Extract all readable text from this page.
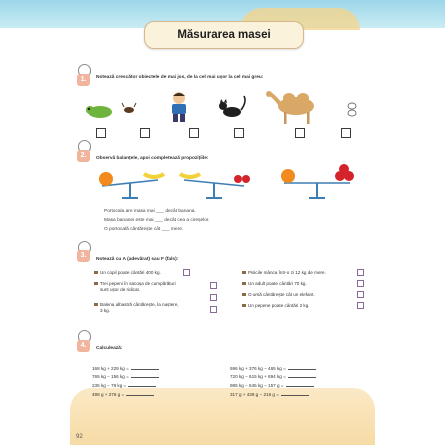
Măsurarea masei
1.	Notează crescător obiectele de mai jos, de la cel mai ușor la cel mai greu:
2.	Observă balanțele, apoi completează propozițiile:
Portocala are masa mai ___ decât banana.
Masa bananei este mai ___ decât cea a cireșelor.
O portocală cântărește cât ___ mere.
3.
Notează cu A (adevărat) sau F (fals):
Un copil poate cântări 400 kg.
Trei pepeni în sacoșa de cumpărături sunt ușor de ridicat.
Balena albastră cântărește, la naștere, 3 kg.
Pisicile mânca într-o zi 12 kg de mere.
Un adult poate cântări 70 kg.
O ursă cântărește cât un elefant.
Un pepene poate cântări 2 kg.
4.	Calculează:
168 kg + 229 kg =
765 kg − 156 kg =
235 kg − 78 kg =
498 g + 276 g =
596 kg + 376 kg − 465 kg =
720 kg − 615 kg + 894 kg =
985 kg − 645 kg − 157 g =
317 g + 439 g − 216 g =
92
